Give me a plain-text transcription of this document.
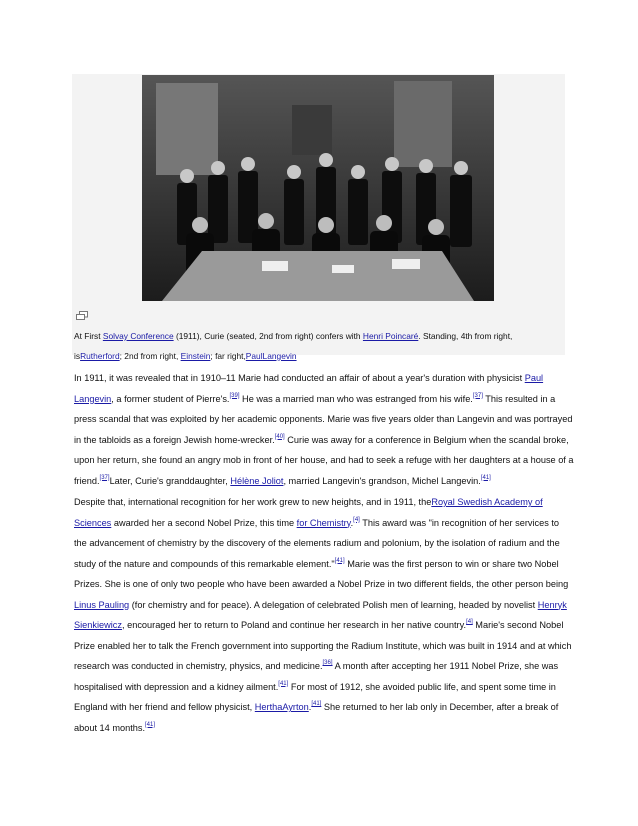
At First Solvay Conference (1911), Curie (seated, 2nd from right) confers with Henri Poincaré. Standing, 4th from right,
isRutherford; 2nd from right, Einstein; far right,PaulLangevin

In 1911, it was revealed that in 1910–11 Marie had conducted an affair of about a year's duration with physicist Paul Langevin, a former student of Pierre's.[39] He was a married man who was estranged from his wife.[37] This resulted in a press scandal that was exploited by her academic opponents. Marie was five years older than Langevin and was portrayed in the tabloids as a foreign Jewish home-wrecker.[40] Curie was away for a conference in Belgium when the scandal broke, upon her return, she found an angry mob in front of her house, and had to seek a refuge with her daughters at a house of a friend.[37]Later, Curie's granddaughter, Hélène Joliot, married Langevin's grandson, Michel Langevin.[41]

Despite that, international recognition for her work grew to new heights, and in 1911, theRoyal Swedish Academy of Sciences awarded her a second Nobel Prize, this time for Chemistry.[4] This award was "in recognition of her services to the advancement of chemistry by the discovery of the elements radium and polonium, by the isolation of radium and the study of the nature and compounds of this remarkable element."[41] Marie was the first person to win or share two Nobel Prizes. She is one of only two people who have been awarded a Nobel Prize in two different fields, the other person being Linus Pauling (for chemistry and for peace). A delegation of celebrated Polish men of learning, headed by novelist Henryk Sienkiewicz, encouraged her to return to Poland and continue her research in her native country.[4] Marie's second Nobel Prize enabled her to talk the French government into supporting the Radium Institute, which was built in 1914 and at which research was conducted in chemistry, physics, and medicine.[36] A month after accepting her 1911 Nobel Prize, she was hospitalised with depression and a kidney ailment.[41] For most of 1912, she avoided public life, and spent some time in England with her friend and fellow physicist, HerthaAyrton.[41] She returned to her lab only in December, after a break of about 14 months.[41]
